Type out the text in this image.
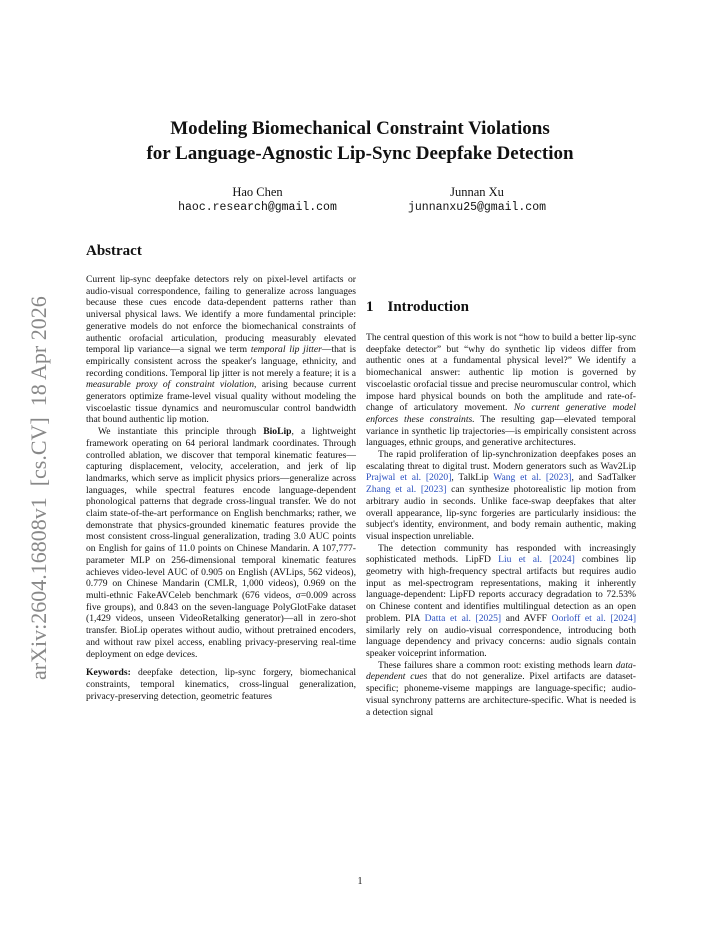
arXiv:2604.16808v1  [cs.CV]  18 Apr 2026
Modeling Biomechanical Constraint Violations
for Language-Agnostic Lip-Sync Deepfake Detection
Hao Chen
haoc.research@gmail.com
Junnan Xu
junnanxu25@gmail.com
Abstract

Current lip-sync deepfake detectors rely on pixel-level artifacts or audio-visual correspondence, failing to generalize across languages because these cues encode data-dependent patterns rather than universal physical laws. We identify a more fundamental principle: generative models do not enforce the biomechanical constraints of authentic orofacial articulation, producing measurably elevated temporal lip variance—a signal we term temporal lip jitter—that is empirically consistent across the speaker's language, ethnicity, and recording conditions. Temporal lip jitter is not merely a feature; it is a measurable proxy of constraint violation, arising because current generators optimize frame-level visual quality without modeling the viscoelastic tissue dynamics and neuromuscular control bandwidth that bound authentic lip motion.

We instantiate this principle through BioLip, a lightweight framework operating on 64 perioral landmark coordinates. Through controlled ablation, we discover that temporal kinematic features—capturing displacement, velocity, acceleration, and jerk of lip landmarks, which serve as implicit physics priors—generalize across languages, while spectral features encode language-dependent phonological patterns that degrade cross-lingual transfer. We do not claim state-of-the-art performance on English benchmarks; rather, we demonstrate that physics-grounded kinematic features provide the most consistent cross-lingual generalization, trading 3.0 AUC points on English for gains of 11.0 points on Chinese Mandarin. A 107,777-parameter MLP on 256-dimensional temporal kinematic features achieves video-level AUC of 0.905 on English (AVLips, 562 videos), 0.779 on Chinese Mandarin (CMLR, 1,000 videos), 0.969 on the multi-ethnic FakeAVCeleb benchmark (676 videos, σ=0.009 across five groups), and 0.843 on the seven-language PolyGlotFake dataset (1,429 videos, unseen VideoRetalking generator)—all in zero-shot transfer. BioLip operates without audio, without pretrained encoders, and without raw pixel access, enabling privacy-preserving real-time deployment on edge devices.

Keywords: deepfake detection, lip-sync forgery, biomechanical constraints, temporal kinematics, cross-lingual generalization, privacy-preserving detection, geometric features

1 Introduction

The central question of this work is not “how to build a better lip-sync deepfake detector” but “why do synthetic lip videos differ from authentic ones at a fundamental physical level?” We identify a biomechanical answer: authentic lip motion is governed by viscoelastic orofacial tissue and precise neuromuscular control, which impose hard physical bounds on both the amplitude and rate-of-change of articulatory movement. No current generative model enforces these constraints. The resulting gap—elevated temporal variance in synthetic lip trajectories—is empirically consistent across languages, ethnic groups, and generative architectures.

The rapid proliferation of lip-synchronization deepfakes poses an escalating threat to digital trust. Modern generators such as Wav2Lip Prajwal et al. [2020], TalkLip Wang et al. [2023], and SadTalker Zhang et al. [2023] can synthesize photorealistic lip motion from arbitrary audio in seconds. Unlike face-swap deepfakes that alter overall appearance, lip-sync forgeries are particularly insidious: the subject's identity, environment, and body remain authentic, making visual inspection unreliable.

The detection community has responded with increasingly sophisticated methods. LipFD Liu et al. [2024] combines lip geometry with high-frequency spectral artifacts but requires audio input as mel-spectrogram representations, making it inherently language-dependent: LipFD reports accuracy degradation to 72.53% on Chinese content and identifies multilingual detection as an open problem. PIA Datta et al. [2025] and AVFF Oorloff et al. [2024] similarly rely on audio-visual correspondence, introducing both language dependency and privacy concerns: audio signals contain speaker voiceprint information.

These failures share a common root: existing methods learn data-dependent cues that do not generalize. Pixel artifacts are dataset-specific; phoneme-viseme mappings are language-specific; audio-visual synchrony patterns are architecture-specific. What is needed is a detection signal

1
